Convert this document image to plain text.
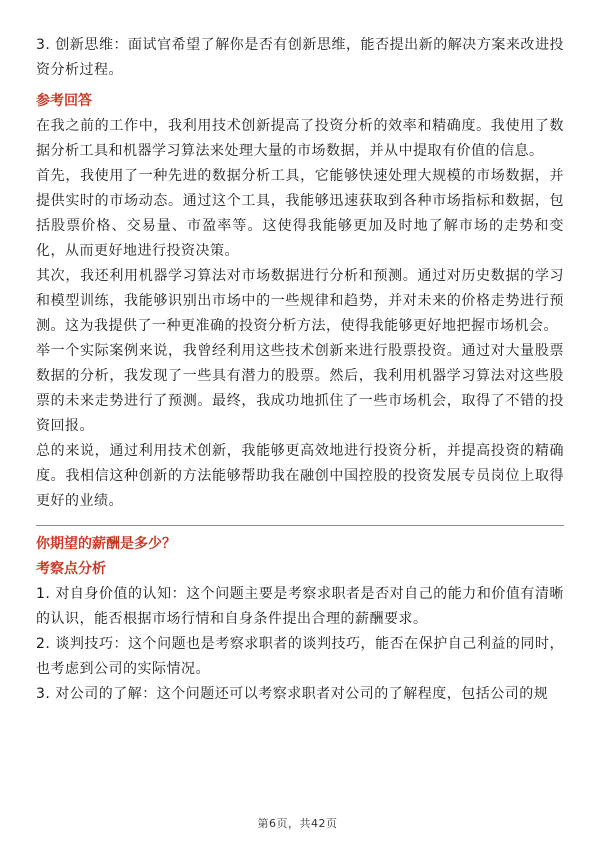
3. 创新思维：面试官希望了解你是否有创新思维，能否提出新的解决方案来改进投资分析过程。

参考回答

在我之前的工作中，我利用技术创新提高了投资分析的效率和精确度。我使用了数据分析工具和机器学习算法来处理大量的市场数据，并从中提取有价值的信息。

首先，我使用了一种先进的数据分析工具，它能够快速处理大规模的市场数据，并提供实时的市场动态。通过这个工具，我能够迅速获取到各种市场指标和数据，包括股票价格、交易量、市盈率等。这使得我能够更加及时地了解市场的走势和变化，从而更好地进行投资决策。

其次，我还利用机器学习算法对市场数据进行分析和预测。通过对历史数据的学习和模型训练，我能够识别出市场中的一些规律和趋势，并对未来的价格走势进行预测。这为我提供了一种更准确的投资分析方法，使得我能够更好地把握市场机会。

举一个实际案例来说，我曾经利用这些技术创新来进行股票投资。通过对大量股票数据的分析，我发现了一些具有潜力的股票。然后，我利用机器学习算法对这些股票的未来走势进行了预测。最终，我成功地抓住了一些市场机会，取得了不错的投资回报。

总的来说，通过利用技术创新，我能够更高效地进行投资分析，并提高投资的精确度。我相信这种创新的方法能够帮助我在融创中国控股的投资发展专员岗位上取得更好的业绩。

你期望的薪酬是多少？
考察点分析

1. 对自身价值的认知：这个问题主要是考察求职者是否对自己的能力和价值有清晰的认识，能否根据市场行情和自身条件提出合理的薪酬要求。

2. 谈判技巧：这个问题也是考察求职者的谈判技巧，能否在保护自己利益的同时，也考虑到公司的实际情况。

3. 对公司的了解：这个问题还可以考察求职者对公司的了解程度，包括公司的规

第6页，共42页
